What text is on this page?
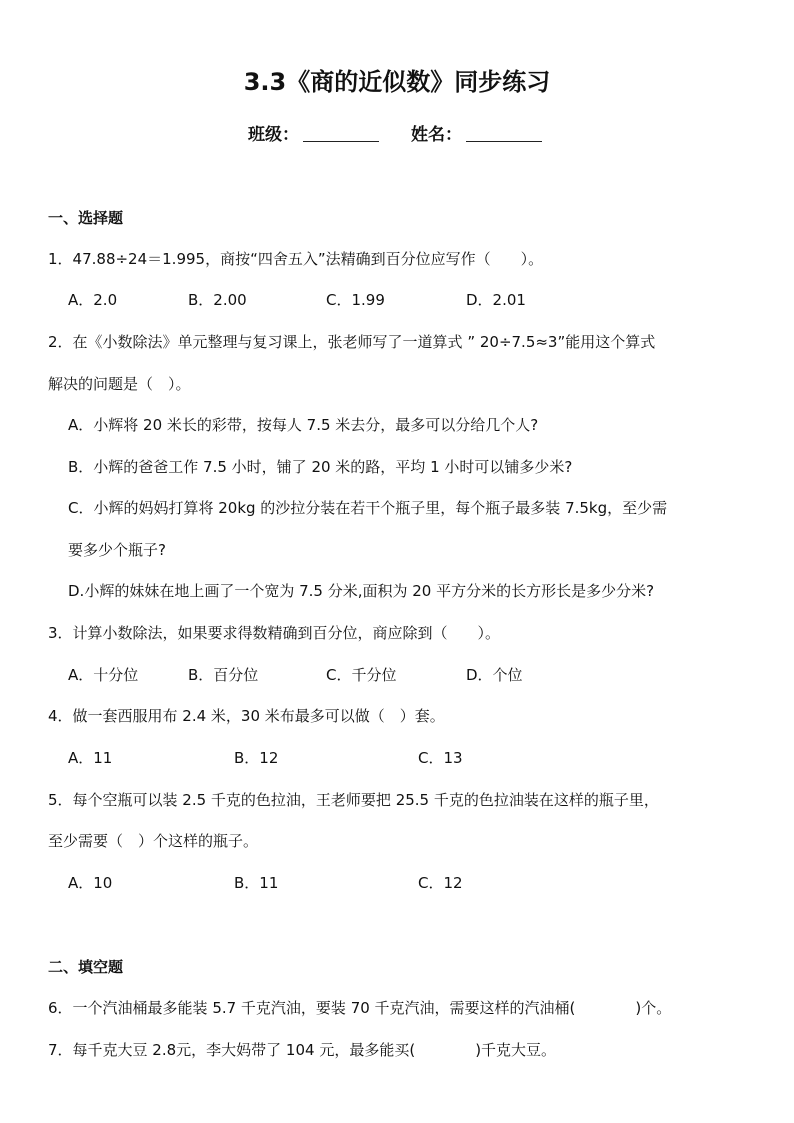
3.3《商的近似数》同步练习
班级：	姓名：
一、选择题
1．47.88÷24＝1.995，商按“四舍五入”法精确到百分位应写作（　　）。
A．2.0	B．2.00	C．1.99	D．2.01
2．在《小数除法》单元整理与复习课上，张老师写了一道算式 ” 20÷7.5≈3”能用这个算式
解决的问题是（　）。
A．小辉将 20 米长的彩带，按每人 7.5 米去分，最多可以分给几个人?
B．小辉的爸爸工作 7.5 小时，铺了 20 米的路，平均 1 小时可以铺多少米?
C．小辉的妈妈打算将 20kg 的沙拉分装在若干个瓶子里，每个瓶子最多装 7.5kg，至少需
要多少个瓶子?
D.小辉的妹妹在地上画了一个宽为 7.5 分米,面积为 20 平方分米的长方形长是多少分米?
3．计算小数除法，如果要求得数精确到百分位，商应除到（　　）。
A．十分位	B．百分位	C．千分位	D．个位
4．做一套西服用布 2.4 米，30 米布最多可以做（　）套。
A．11	B．12	C．13
5．每个空瓶可以装 2.5 千克的色拉油，王老师要把 25.5 千克的色拉油装在这样的瓶子里，
至少需要（　）个这样的瓶子。
A．10	B．11	C．12
二、填空题
6．一个汽油桶最多能装 5.7 千克汽油，要装 70 千克汽油，需要这样的汽油桶(　　　　)个。
7．每千克大豆 2.8元，李大妈带了 104 元，最多能买(　　　　)千克大豆。
